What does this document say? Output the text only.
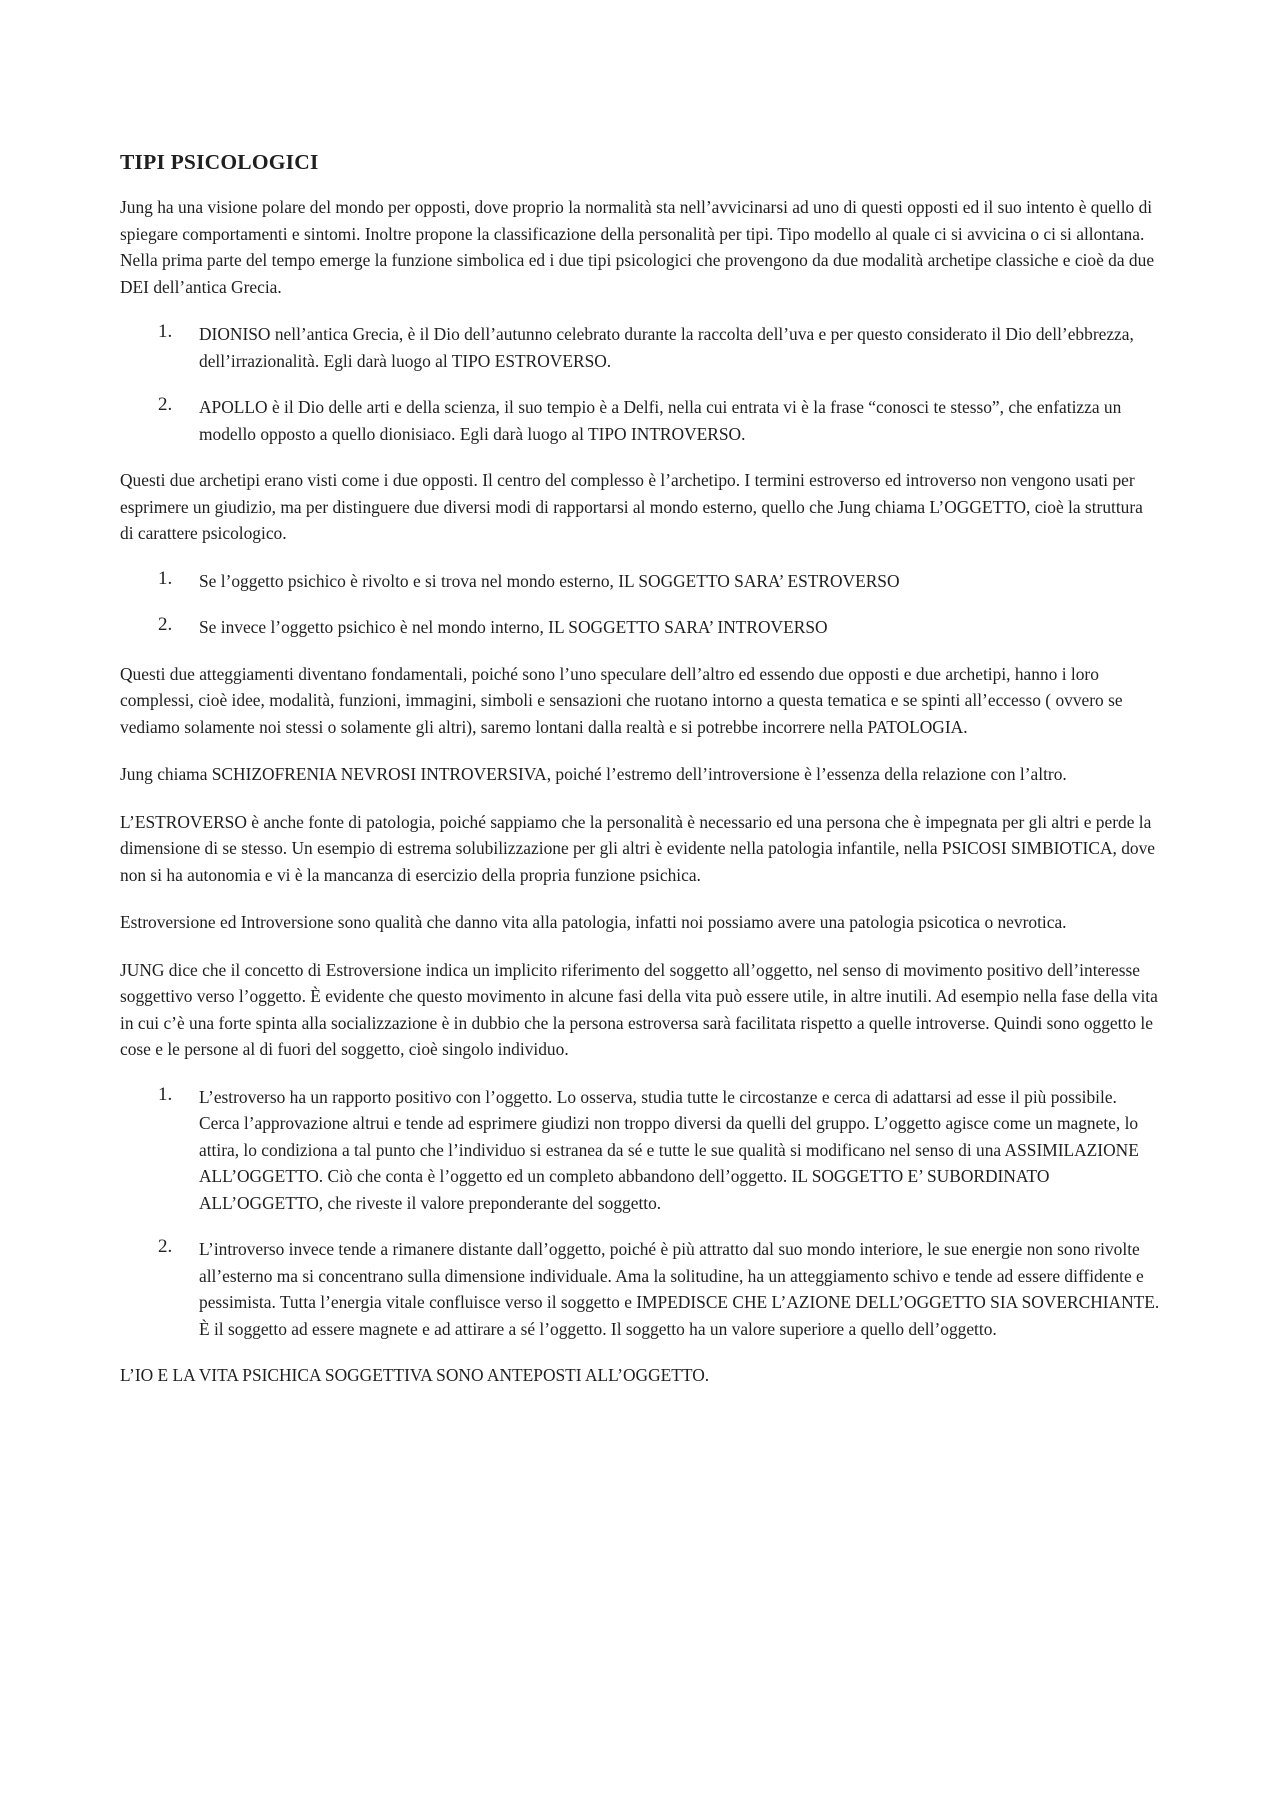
TIPI PSICOLOGICI

Jung ha una visione polare del mondo per opposti, dove proprio la normalità sta nell’avvicinarsi ad uno di questi opposti ed il suo intento è quello di spiegare comportamenti e sintomi. Inoltre propone la classificazione della personalità per tipi. Tipo modello al quale ci si avvicina o ci si allontana. Nella prima parte del tempo emerge la funzione simbolica ed i due tipi psicologici che provengono da due modalità archetipe classiche e cioè da due DEI dell’antica Grecia.

1. DIONISO nell’antica Grecia, è il Dio dell’autunno celebrato durante la raccolta dell’uva e per questo considerato il Dio dell’ebbrezza, dell’irrazionalità. Egli darà luogo al TIPO ESTROVERSO.
2. APOLLO è il Dio delle arti e della scienza, il suo tempio è a Delfi, nella cui entrata vi è la frase “conosci te stesso”, che enfatizza un modello opposto a quello dionisiaco. Egli darà luogo al TIPO INTROVERSO.

Questi due archetipi erano visti come i due opposti. Il centro del complesso è l’archetipo. I termini estroverso ed introverso non vengono usati per esprimere un giudizio, ma per distinguere due diversi modi di rapportarsi al mondo esterno, quello che Jung chiama L’OGGETTO, cioè la struttura di carattere psicologico.

1. Se l’oggetto psichico è rivolto e si trova nel mondo esterno, IL SOGGETTO SARA’ ESTROVERSO
2. Se invece l’oggetto psichico è nel mondo interno, IL SOGGETTO SARA’ INTROVERSO

Questi due atteggiamenti diventano fondamentali, poiché sono l’uno speculare dell’altro ed essendo due opposti e due archetipi, hanno i loro complessi, cioè idee, modalità, funzioni, immagini, simboli e sensazioni che ruotano intorno a questa tematica e se spinti all’eccesso ( ovvero se vediamo solamente noi stessi o solamente gli altri), saremo lontani dalla realtà e si potrebbe incorrere nella PATOLOGIA.

Jung chiama SCHIZOFRENIA NEVROSI INTROVERSIVA, poiché l’estremo dell’introversione è l’essenza della relazione con l’altro.

L’ESTROVERSO è anche fonte di patologia, poiché sappiamo che la personalità è necessario ed una persona che è impegnata per gli altri e perde la dimensione di se stesso. Un esempio di estrema solubilizzazione per gli altri è evidente nella patologia infantile, nella PSICOSI SIMBIOTICA, dove non si ha autonomia e vi è la mancanza di esercizio della propria funzione psichica.

Estroversione ed Introversione sono qualità che danno vita alla patologia, infatti noi possiamo avere una patologia psicotica o nevrotica.

JUNG dice che il concetto di Estroversione indica un implicito riferimento del soggetto all’oggetto, nel senso di movimento positivo dell’interesse soggettivo verso l’oggetto. È evidente che questo movimento in alcune fasi della vita può essere utile, in altre inutili. Ad esempio nella fase della vita in cui c’è una forte spinta alla socializzazione è in dubbio che la persona estroversa sarà facilitata rispetto a quelle introverse. Quindi sono oggetto le cose e le persone al di fuori del soggetto, cioè singolo individuo.

1. L’estroverso ha un rapporto positivo con l’oggetto. Lo osserva, studia tutte le circostanze e cerca di adattarsi ad esse il più possibile. Cerca l’approvazione altrui e tende ad esprimere giudizi non troppo diversi da quelli del gruppo. L’oggetto agisce come un magnete, lo attira, lo condiziona a tal punto che l’individuo si estranea da sé e tutte le sue qualità si modificano nel senso di una ASSIMILAZIONE ALL’OGGETTO. Ciò che conta è l’oggetto ed un completo abbandono dell’oggetto. IL SOGGETTO E’ SUBORDINATO ALL’OGGETTO, che riveste il valore preponderante del soggetto.
2. L’introverso invece tende a rimanere distante dall’oggetto, poiché è più attratto dal suo mondo interiore, le sue energie non sono rivolte all’esterno ma si concentrano sulla dimensione individuale. Ama la solitudine, ha un atteggiamento schivo e tende ad essere diffidente e pessimista. Tutta l’energia vitale confluisce verso il soggetto e IMPEDISCE CHE L’AZIONE DELL’OGGETTO SIA SOVERCHIANTE. È il soggetto ad essere magnete e ad attirare a sé l’oggetto. Il soggetto ha un valore superiore a quello dell’oggetto.

L’IO E LA VITA PSICHICA SOGGETTIVA SONO ANTEPOSTI ALL’OGGETTO.
